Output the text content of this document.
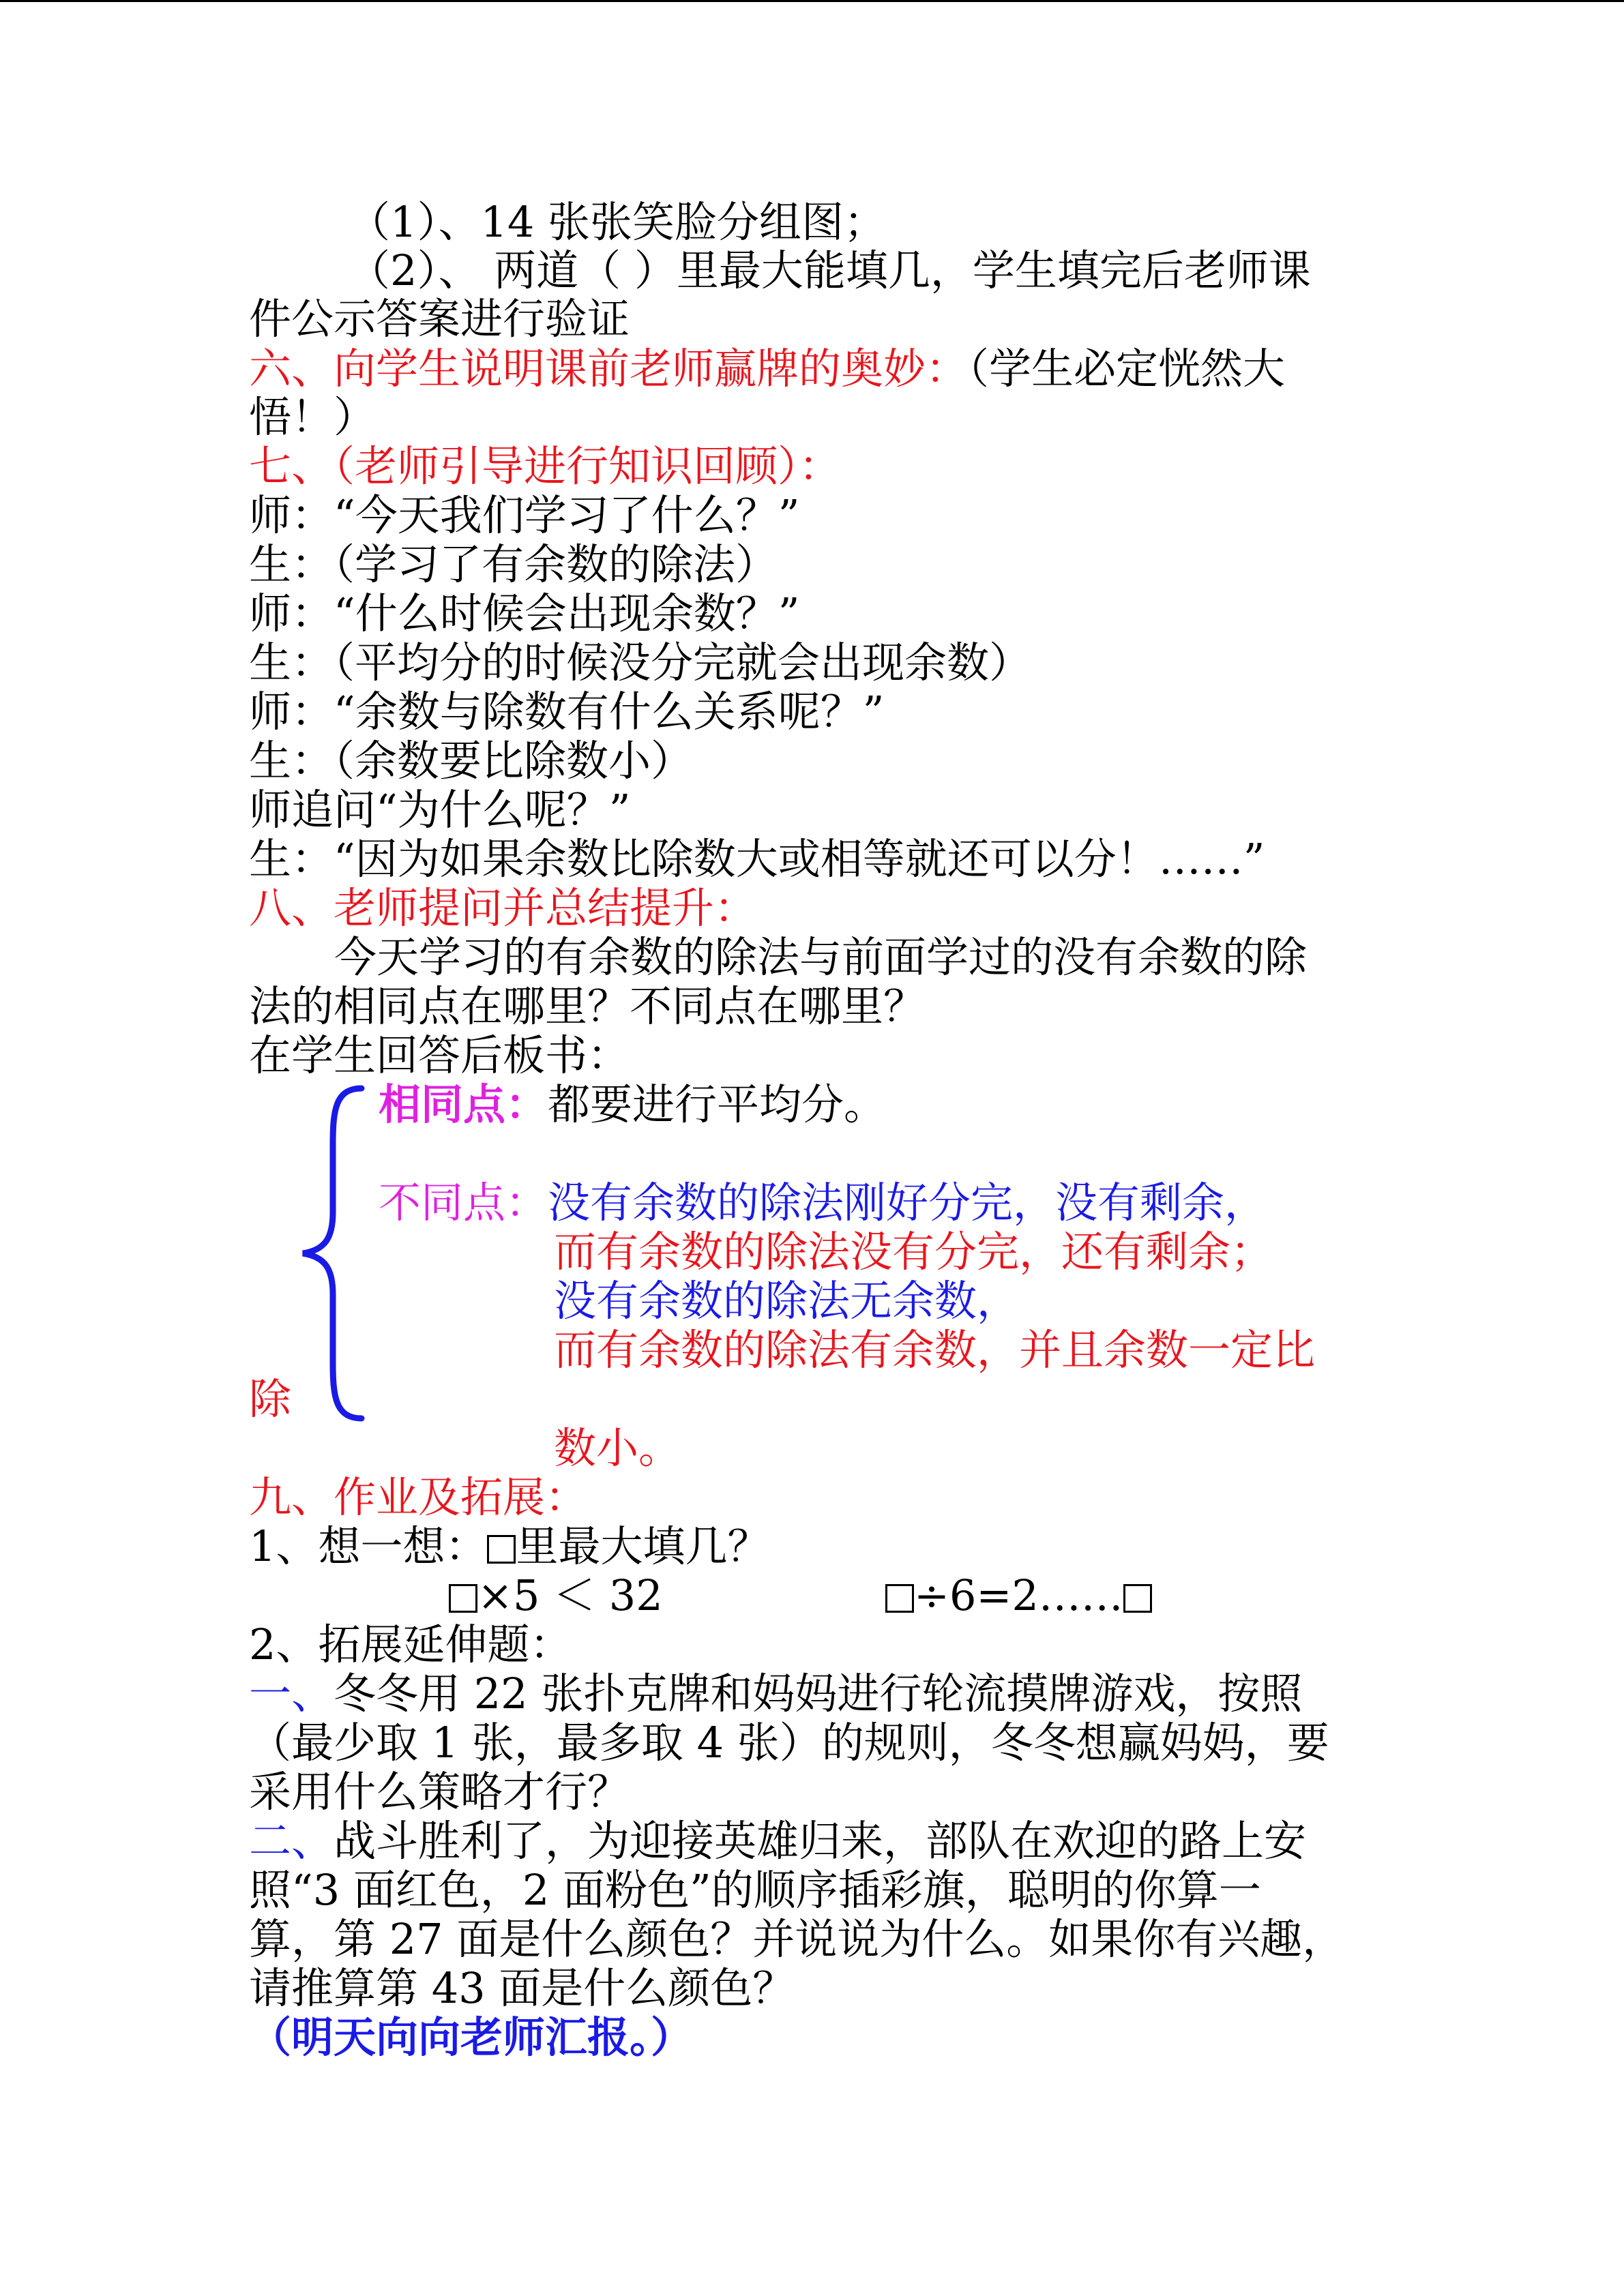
（1）、14 张张笑脸分组图；
（2）、 两道（ ）里最大能填几，学生填完后老师课
件公示答案进行验证
六、向学生说明课前老师赢牌的奥妙：（学生必定恍然大
悟！）
七、（老师引导进行知识回顾）：
师：“今天我们学习了什么？”
生：（学习了有余数的除法）
师：“什么时候会出现余数？”
生：（平均分的时候没分完就会出现余数）
师：“余数与除数有什么关系呢？”
生：（余数要比除数小）
师追问“为什么呢？”
生：“因为如果余数比除数大或相等就还可以分！……”
八、老师提问并总结提升：
今天学习的有余数的除法与前面学过的没有余数的除
法的相同点在哪里？不同点在哪里？
在学生回答后板书：
相同点：都要进行平均分。
不同点：没有余数的除法刚好分完，没有剩余，
而有余数的除法没有分完，还有剩余；
没有余数的除法无余数，
而有余数的除法有余数，并且余数一定比
除
数小。
九、作业及拓展：
1、想一想： 里最大填几？
×5 ＜ 32	÷6=2……
2、拓展延伸题：
一、冬冬用 22 张扑克牌和妈妈进行轮流摸牌游戏，按照
（最少取 1 张，最多取 4 张）的规则，冬冬想赢妈妈，要
采用什么策略才行？
二、战斗胜利了，为迎接英雄归来，部队在欢迎的路上安
照“3 面红色，2 面粉色”的顺序插彩旗，聪明的你算一
算，第 27 面是什么颜色？并说说为什么。如果你有兴趣，
请推算第 43 面是什么颜色？
（明天向向老师汇报。）
